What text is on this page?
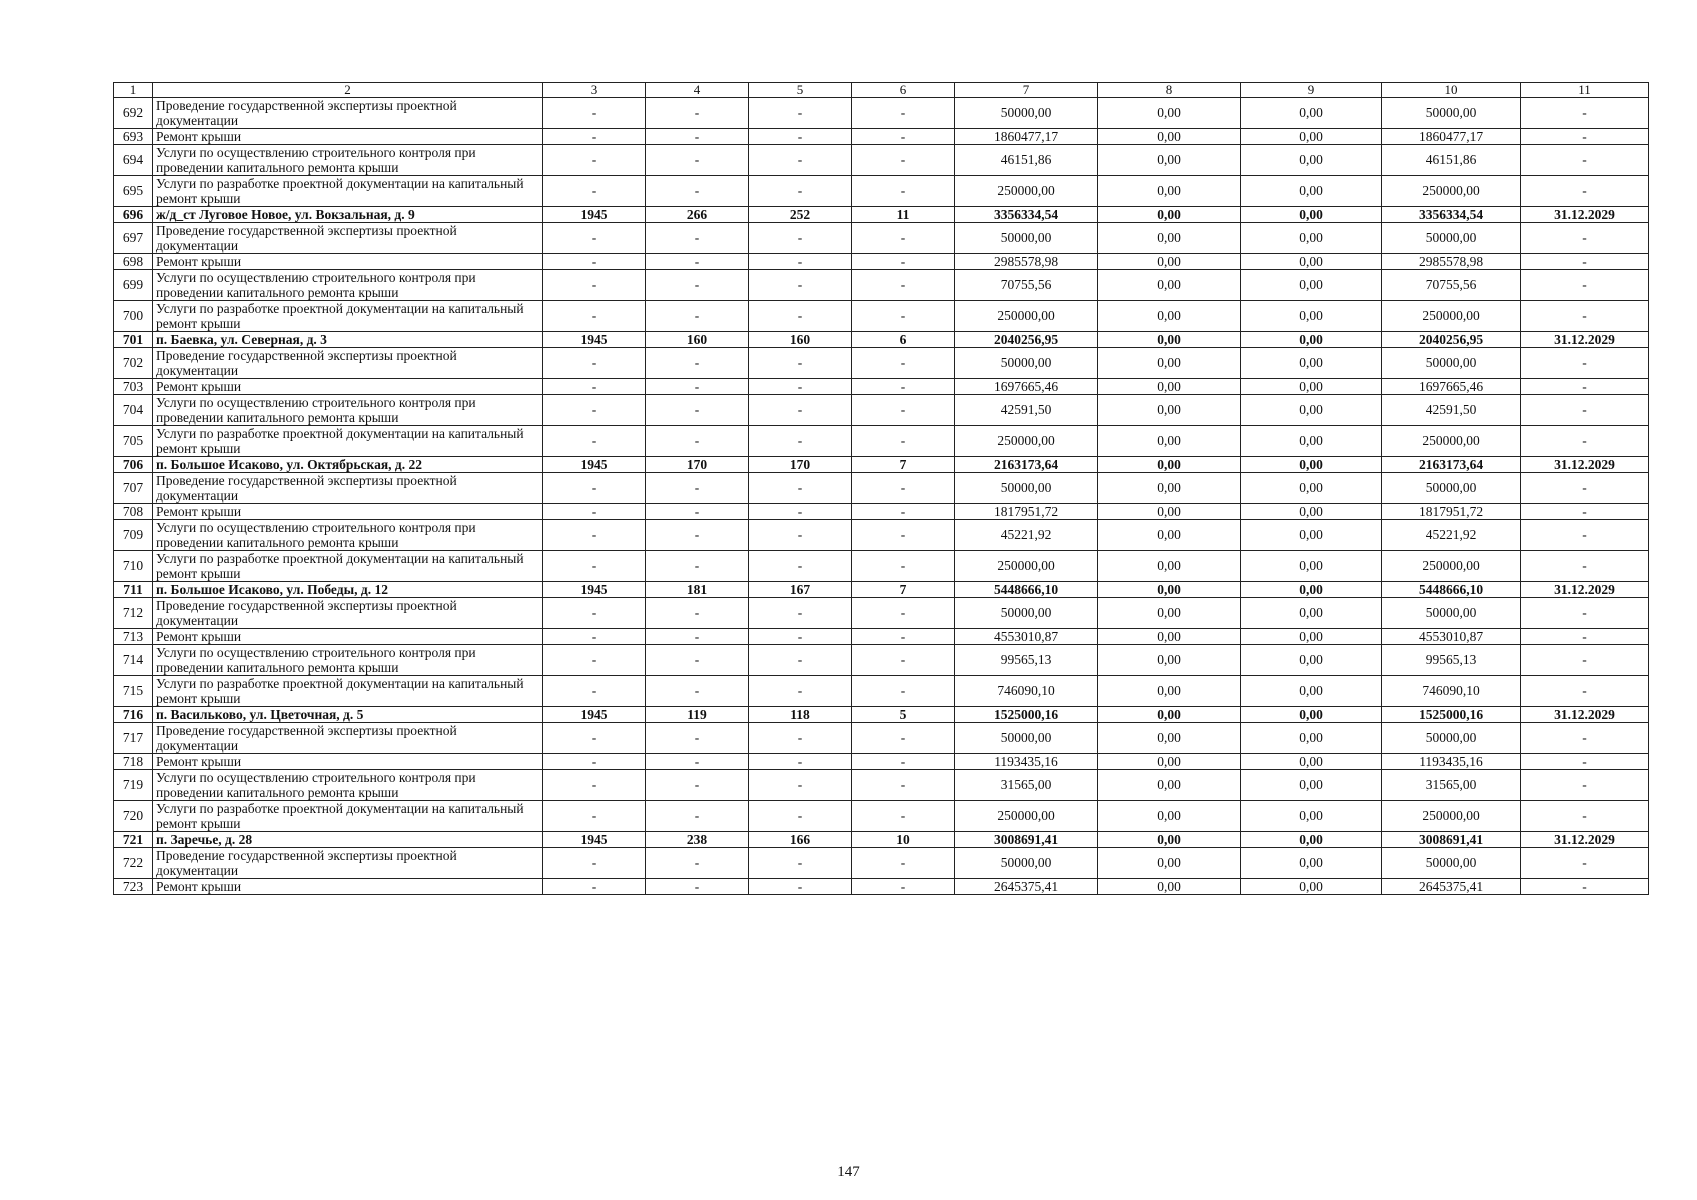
1	2	3	4	5	6	7	8	9	10	11
692	Проведение государственной экспертизы проектной документации	-	-	-	-	50000,00	0,00	0,00	50000,00	-
693	Ремонт крыши	-	-	-	-	1860477,17	0,00	0,00	1860477,17	-
694	Услуги по осуществлению строительного контроля при проведении капитального ремонта крыши	-	-	-	-	46151,86	0,00	0,00	46151,86	-
695	Услуги по разработке проектной документации на капитальный ремонт крыши	-	-	-	-	250000,00	0,00	0,00	250000,00	-
696	ж/д_ст Луговое Новое, ул. Вокзальная, д. 9	1945	266	252	11	3356334,54	0,00	0,00	3356334,54	31.12.2029
697	Проведение государственной экспертизы проектной документации	-	-	-	-	50000,00	0,00	0,00	50000,00	-
698	Ремонт крыши	-	-	-	-	2985578,98	0,00	0,00	2985578,98	-
699	Услуги по осуществлению строительного контроля при проведении капитального ремонта крыши	-	-	-	-	70755,56	0,00	0,00	70755,56	-
700	Услуги по разработке проектной документации на капитальный ремонт крыши	-	-	-	-	250000,00	0,00	0,00	250000,00	-
701	п. Баевка, ул. Северная, д. 3	1945	160	160	6	2040256,95	0,00	0,00	2040256,95	31.12.2029
702	Проведение государственной экспертизы проектной документации	-	-	-	-	50000,00	0,00	0,00	50000,00	-
703	Ремонт крыши	-	-	-	-	1697665,46	0,00	0,00	1697665,46	-
704	Услуги по осуществлению строительного контроля при проведении капитального ремонта крыши	-	-	-	-	42591,50	0,00	0,00	42591,50	-
705	Услуги по разработке проектной документации на капитальный ремонт крыши	-	-	-	-	250000,00	0,00	0,00	250000,00	-
706	п. Большое Исаково, ул. Октябрьская, д. 22	1945	170	170	7	2163173,64	0,00	0,00	2163173,64	31.12.2029
707	Проведение государственной экспертизы проектной документации	-	-	-	-	50000,00	0,00	0,00	50000,00	-
708	Ремонт крыши	-	-	-	-	1817951,72	0,00	0,00	1817951,72	-
709	Услуги по осуществлению строительного контроля при проведении капитального ремонта крыши	-	-	-	-	45221,92	0,00	0,00	45221,92	-
710	Услуги по разработке проектной документации на капитальный ремонт крыши	-	-	-	-	250000,00	0,00	0,00	250000,00	-
711	п. Большое Исаково, ул. Победы, д. 12	1945	181	167	7	5448666,10	0,00	0,00	5448666,10	31.12.2029
712	Проведение государственной экспертизы проектной документации	-	-	-	-	50000,00	0,00	0,00	50000,00	-
713	Ремонт крыши	-	-	-	-	4553010,87	0,00	0,00	4553010,87	-
714	Услуги по осуществлению строительного контроля при проведении капитального ремонта крыши	-	-	-	-	99565,13	0,00	0,00	99565,13	-
715	Услуги по разработке проектной документации на капитальный ремонт крыши	-	-	-	-	746090,10	0,00	0,00	746090,10	-
716	п. Васильково, ул. Цветочная, д. 5	1945	119	118	5	1525000,16	0,00	0,00	1525000,16	31.12.2029
717	Проведение государственной экспертизы проектной документации	-	-	-	-	50000,00	0,00	0,00	50000,00	-
718	Ремонт крыши	-	-	-	-	1193435,16	0,00	0,00	1193435,16	-
719	Услуги по осуществлению строительного контроля при проведении капитального ремонта крыши	-	-	-	-	31565,00	0,00	0,00	31565,00	-
720	Услуги по разработке проектной документации на капитальный ремонт крыши	-	-	-	-	250000,00	0,00	0,00	250000,00	-
721	п. Заречье, д. 28	1945	238	166	10	3008691,41	0,00	0,00	3008691,41	31.12.2029
722	Проведение государственной экспертизы проектной документации	-	-	-	-	50000,00	0,00	0,00	50000,00	-
723	Ремонт крыши	-	-	-	-	2645375,41	0,00	0,00	2645375,41	-
147
